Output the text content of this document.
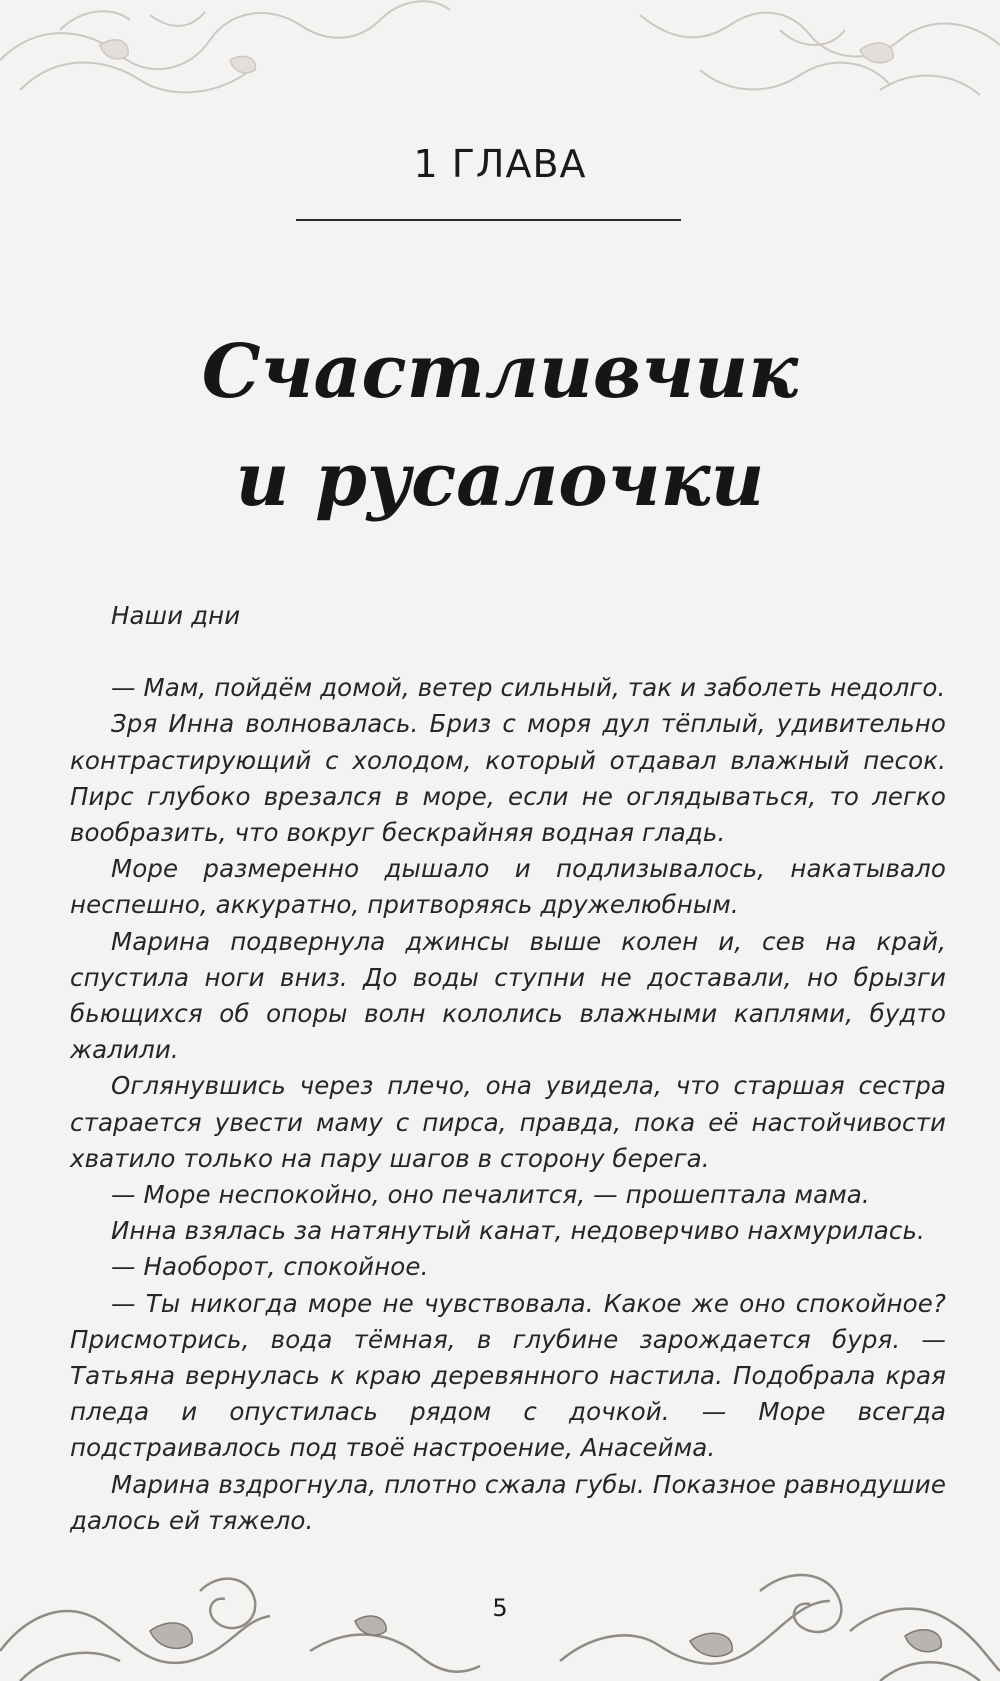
1 ГЛАВА
Счастливчик
и русалочки

Наши дни

— Мам, пойдём домой, ветер сильный, так и заболеть недолго.

Зря Инна волновалась. Бриз с моря дул тёплый, удивительно контрастирующий с холодом, который отдавал влажный песок. Пирс глубоко врезался в море, если не оглядываться, то легко вообразить, что вокруг бескрайняя водная гладь.

Море размеренно дышало и подлизывалось, накатывало неспешно, аккуратно, притворяясь дружелюбным.

Марина подвернула джинсы выше колен и, сев на край, спустила ноги вниз. До воды ступни не доставали, но брызги бьющихся об опоры волн кололись влажными каплями, будто жалили.

Оглянувшись через плечо, она увидела, что старшая сестра старается увести маму с пирса, правда, пока её настойчивости хватило только на пару шагов в сторону берега.

— Море неспокойно, оно печалится, — прошептала мама.

Инна взялась за натянутый канат, недоверчиво нахмурилась.

— Наоборот, спокойное.

— Ты никогда море не чувствовала. Какое же оно спокойное? Присмотрись, вода тёмная, в глубине зарождается буря. — Татьяна вернулась к краю деревянного настила. Подобрала края пледа и опустилась рядом с дочкой. — Море всегда подстраивалось под твоё настроение, Анасейма.

Марина вздрогнула, плотно сжала губы. Показное равнодушие далось ей тяжело.

5
